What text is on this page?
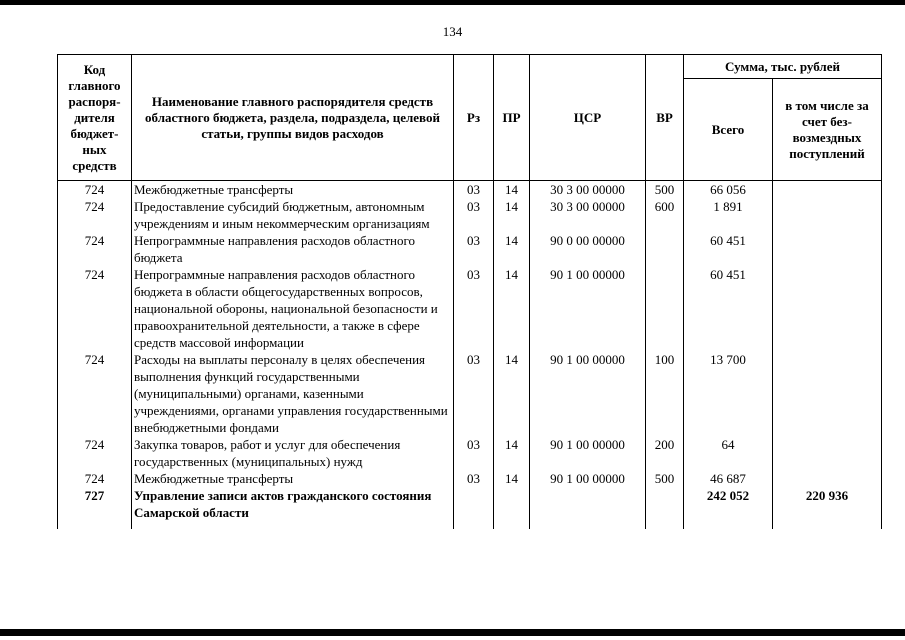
134
Код главного распоря-дителя бюджет-ных средств	Наименование главного распорядителя средств областного бюджета, раздела, подраздела, целевой статьи, группы видов расходов	Рз	ПР	ЦСР	ВР	Сумма, тыс. рублей	
						Всего	в том числе за счет без-возмездных поступлений
724	Межбюджетные трансферты	03	14	30 3 00 00000	500	66 056	
724	Предоставление субсидий бюджетным, автономным учреждениям и иным некоммерческим организациям	03	14	30 3 00 00000	600	1 891	
724	Непрограммные направления расходов областного бюджета	03	14	90 0 00 00000		60 451	
724	Непрограммные направления расходов областного бюджета в области общегосударственных вопросов, национальной обороны, национальной безопасности и правоохранительной деятельности, а также в сфере средств массовой информации	03	14	90 1 00 00000		60 451	
724	Расходы на выплаты персоналу в целях обеспечения выполнения функций государственными (муниципальными) органами, казенными учреждениями, органами управления государственными внебюджетными фондами	03	14	90 1 00 00000	100	13 700	
724	Закупка товаров, работ и услуг для обеспечения государственных (муниципальных) нужд	03	14	90 1 00 00000	200	64	
724	Межбюджетные трансферты	03	14	90 1 00 00000	500	46 687	
727	Управление записи актов гражданского состояния Самарской области					242 052	220 936
